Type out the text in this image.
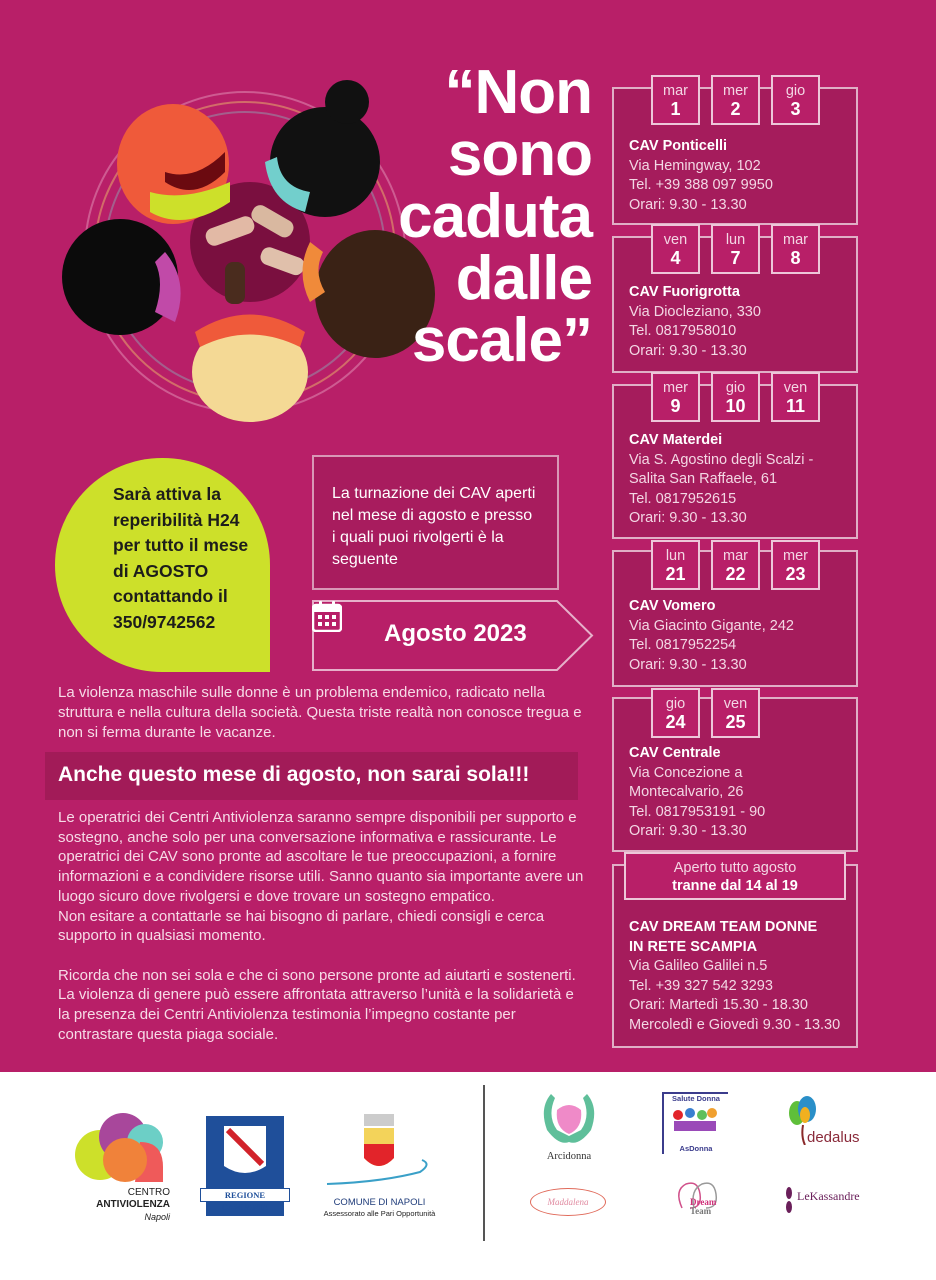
“Non
sono
caduta
dalle
scale”
Sarà attiva la
reperibilità H24
per tutto il mese
di AGOSTO
contattando il
350/9742562
La turnazione dei CAV aperti nel mese di agosto e presso i quali puoi rivolgerti è la seguente
Agosto 2023
La violenza maschile sulle donne è un problema endemico, radicato nella struttura e nella cultura della società. Questa triste realtà non conosce tregua e non si ferma durante le vacanze.
Anche questo mese di agosto, non sarai sola!!!
Le operatrici dei Centri Antiviolenza saranno sempre disponibili per supporto e sostegno, anche solo per una conversazione informativa e rassicurante. Le operatrici dei CAV sono pronte ad ascoltare le tue preoccupazioni, a fornire informazioni e a condividere risorse utili. Sanno quanto sia importante avere un luogo sicuro dove rivolgersi e dove trovare un sostegno empatico.

Non esitare a contattarle se hai bisogno di parlare, chiedi consigli e cerca supporto in qualsiasi momento.

Ricorda che non sei sola e che ci sono persone pronte ad aiutarti e sostenerti. La violenza di genere può essere affrontata attraverso l’unità e la solidarietà e la presenza dei Centri Antiviolenza testimonia l’impegno costante per contrastare questa piaga sociale.

CAV Ponticelli
Via Hemingway, 102
Tel. +39 388 097 9950
Orari: 9.30 - 13.30
mar
1
mer
2
gio
3
CAV Fuorigrotta
Via Diocleziano, 330
Tel. 0817958010
Orari: 9.30 - 13.30
ven
4
lun
7
mar
8
CAV Materdei
Via S. Agostino degli Scalzi -
Salita San Raffaele, 61
Tel. 0817952615
Orari: 9.30 - 13.30
mer
9
gio
10
ven
11
CAV Vomero
Via Giacinto Gigante, 242
Tel. 0817952254
Orari: 9.30 - 13.30
lun
21
mar
22
mer
23
CAV Centrale
Via Concezione a
Montecalvario, 26
Tel. 0817953191 - 90
Orari: 9.30 - 13.30
gio
24
ven
25
CAV DREAM TEAM DONNE
IN RETE SCAMPIA
Via Galileo Galilei n.5
Tel. +39 327 542 3293
Orari: Martedì 15.30 - 18.30
Mercoledì e Giovedì 9.30 - 13.30
Aperto tutto agosto
tranne dal 14 al 19
CENTRO
ANTIVIOLENZA
Napoli
REGIONE CAMPANIA	COMUNE DI NAPOLI
Assessorato alle Pari Opportunità
Arcidonna
Salute Donna
AsDonna
dedalus
Maddalena	Dream
Team
LeKassandre
